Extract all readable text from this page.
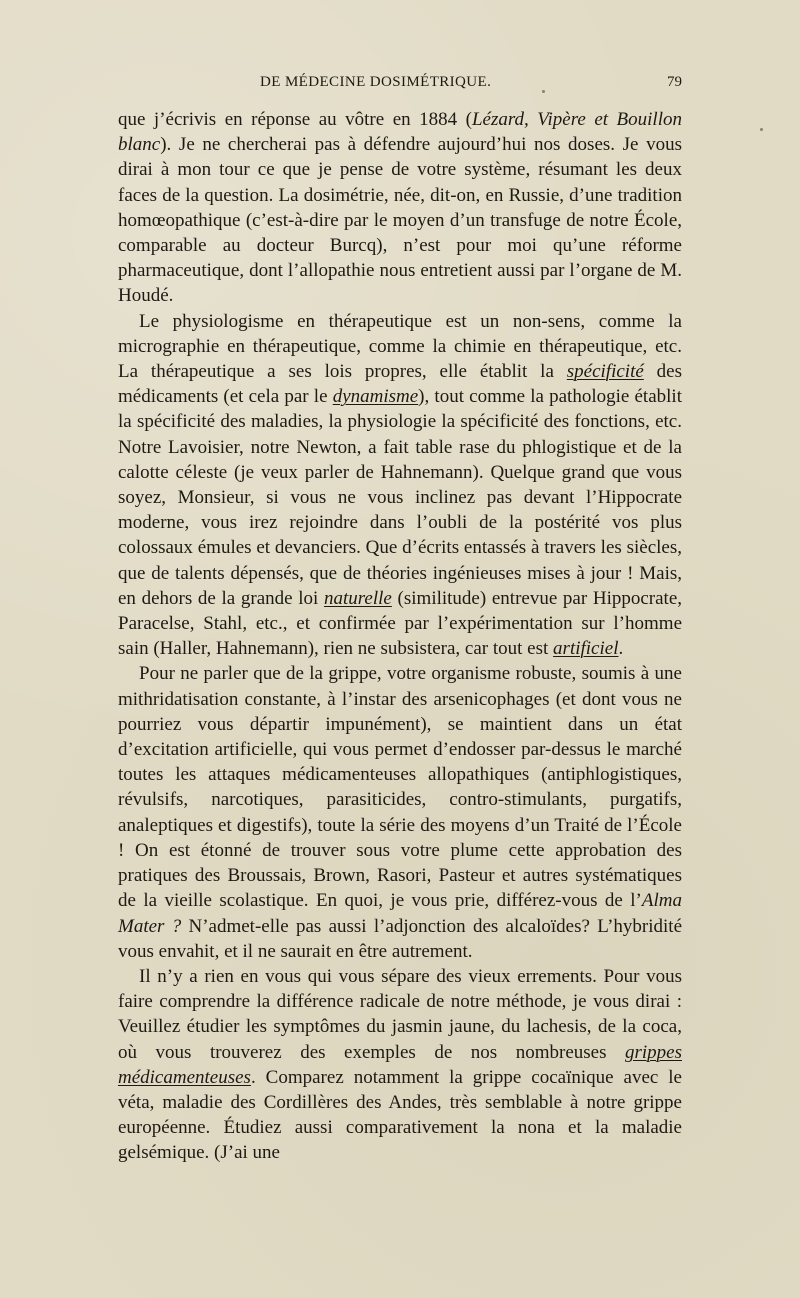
DE MÉDECINE DOSIMÉTRIQUE.	79

que j’écrivis en réponse au vôtre en 1884 (Lézard, Vipère et Bouillon blanc). Je ne chercherai pas à défendre aujourd’hui nos doses. Je vous dirai à mon tour ce que je pense de votre système, résumant les deux faces de la question. La dosimétrie, née, dit-on, en Russie, d’une tradition homœopathique (c’est-à-dire par le moyen d’un transfuge de notre École, comparable au docteur Burcq), n’est pour moi qu’une réforme pharmaceutique, dont l’allopathie nous entretient aussi par l’organe de M. Houdé.

Le physiologisme en thérapeutique est un non-sens, comme la micrographie en thérapeutique, comme la chimie en thérapeutique, etc. La thérapeutique a ses lois propres, elle établit la spécificité des médicaments (et cela par le dynamisme), tout comme la pathologie établit la spécificité des maladies, la physiologie la spécificité des fonctions, etc. Notre Lavoisier, notre Newton, a fait table rase du phlogistique et de la calotte céleste (je veux parler de Hahnemann). Quelque grand que vous soyez, Monsieur, si vous ne vous inclinez pas devant l’Hippocrate moderne, vous irez rejoindre dans l’oubli de la postérité vos plus colossaux émules et devanciers. Que d’écrits entassés à travers les siècles, que de talents dépensés, que de théories ingénieuses mises à jour ! Mais, en dehors de la grande loi naturelle (similitude) entrevue par Hippocrate, Paracelse, Stahl, etc., et confirmée par l’expérimentation sur l’homme sain (Haller, Hahnemann), rien ne subsistera, car tout est artificiel.

Pour ne parler que de la grippe, votre organisme robuste, soumis à une mithridatisation constante, à l’instar des arsenicophages (et dont vous ne pourriez vous départir impunément), se maintient dans un état d’excitation artificielle, qui vous permet d’endosser par-dessus le marché toutes les attaques médicamenteuses allopathiques (antiphlogistiques, révulsifs, narcotiques, parasiticides, contro-stimulants, purgatifs, analeptiques et digestifs), toute la série des moyens d’un Traité de l’École ! On est étonné de trouver sous votre plume cette approbation des pratiques des Broussais, Brown, Rasori, Pasteur et autres systématiques de la vieille scolastique. En quoi, je vous prie, différez-vous de l’Alma Mater ? N’admet-elle pas aussi l’adjonction des alcaloïdes? L’hybridité vous envahit, et il ne saurait en être autrement.

Il n’y a rien en vous qui vous sépare des vieux errements. Pour vous faire comprendre la différence radicale de notre méthode, je vous dirai : Veuillez étudier les symptômes du jasmin jaune, du lachesis, de la coca, où vous trouverez des exemples de nos nombreuses grippes médicamenteuses. Comparez notamment la grippe cocaïnique avec le véta, maladie des Cordillères des Andes, très semblable à notre grippe européenne. Étudiez aussi comparativement la nona et la maladie gelsémique. (J’ai une
